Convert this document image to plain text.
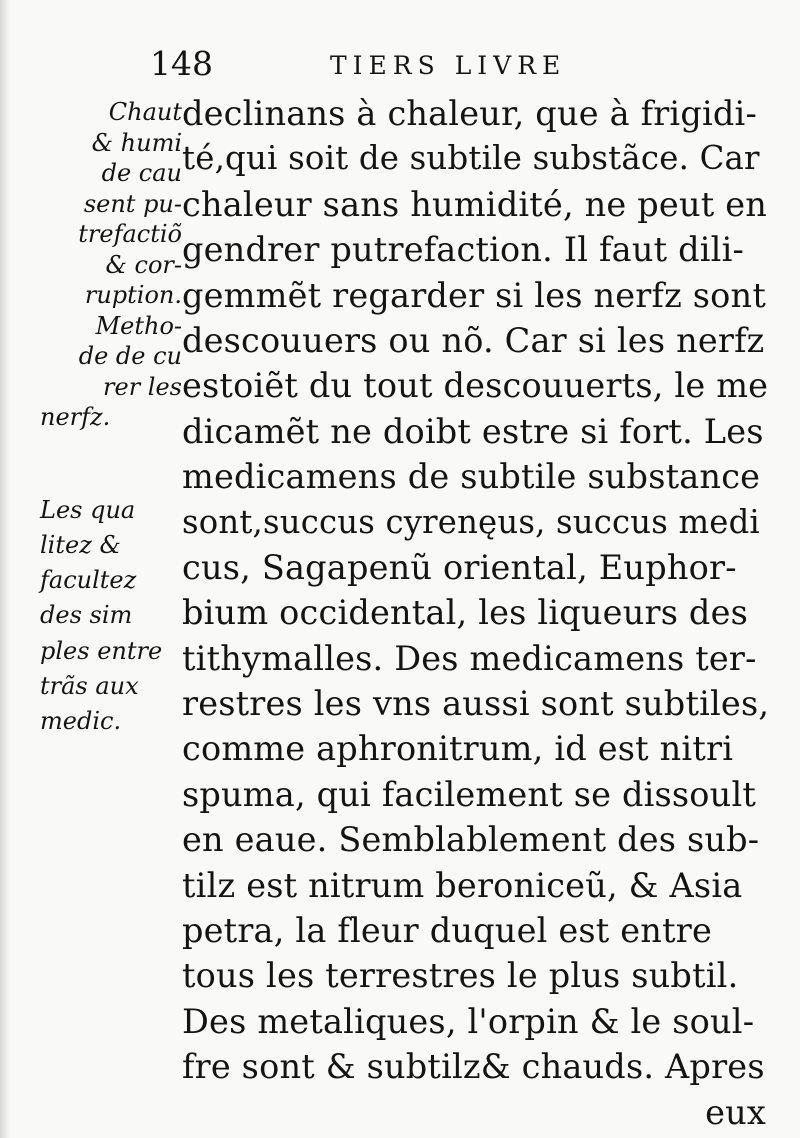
148	TIERS LIVRE
Chaut
& humi
de cau
sent pu-
trefactiõ
& cor-
ruption.
Metho-
de de cu
rer les
nerfz.
Les qua
litez &
facultez
des sim
ples entre
trãs aux
medic.
declinans à chaleur, que à frigidi-
té,qui soit de subtile substãce. Car
chaleur sans humidité, ne peut en
gendrer putrefaction. Il faut dili-
gemmẽt regarder si les nerfz sont
descouuers ou nõ. Car si les nerfz
estoiẽt du tout descouuerts, le me
dicamẽt ne doibt estre si fort. Les
medicamens de subtile substance
sont,succus cyrenęus, succus medi
cus, Sagapenũ oriental, Euphor-
bium occidental, les liqueurs des
tithymalles. Des medicamens ter-
restres les vns aussi sont subtiles,
comme aphronitrum, id est nitri
spuma, qui facilement se dissoult
en eaue. Semblablement des sub-
tilz est nitrum beroniceũ, & Asia
petra, la fleur duquel est entre
tous les terrestres le plus subtil.
Des metaliques, l'orpin & le soul-
fre sont & subtilz& chauds. Apres
eux
